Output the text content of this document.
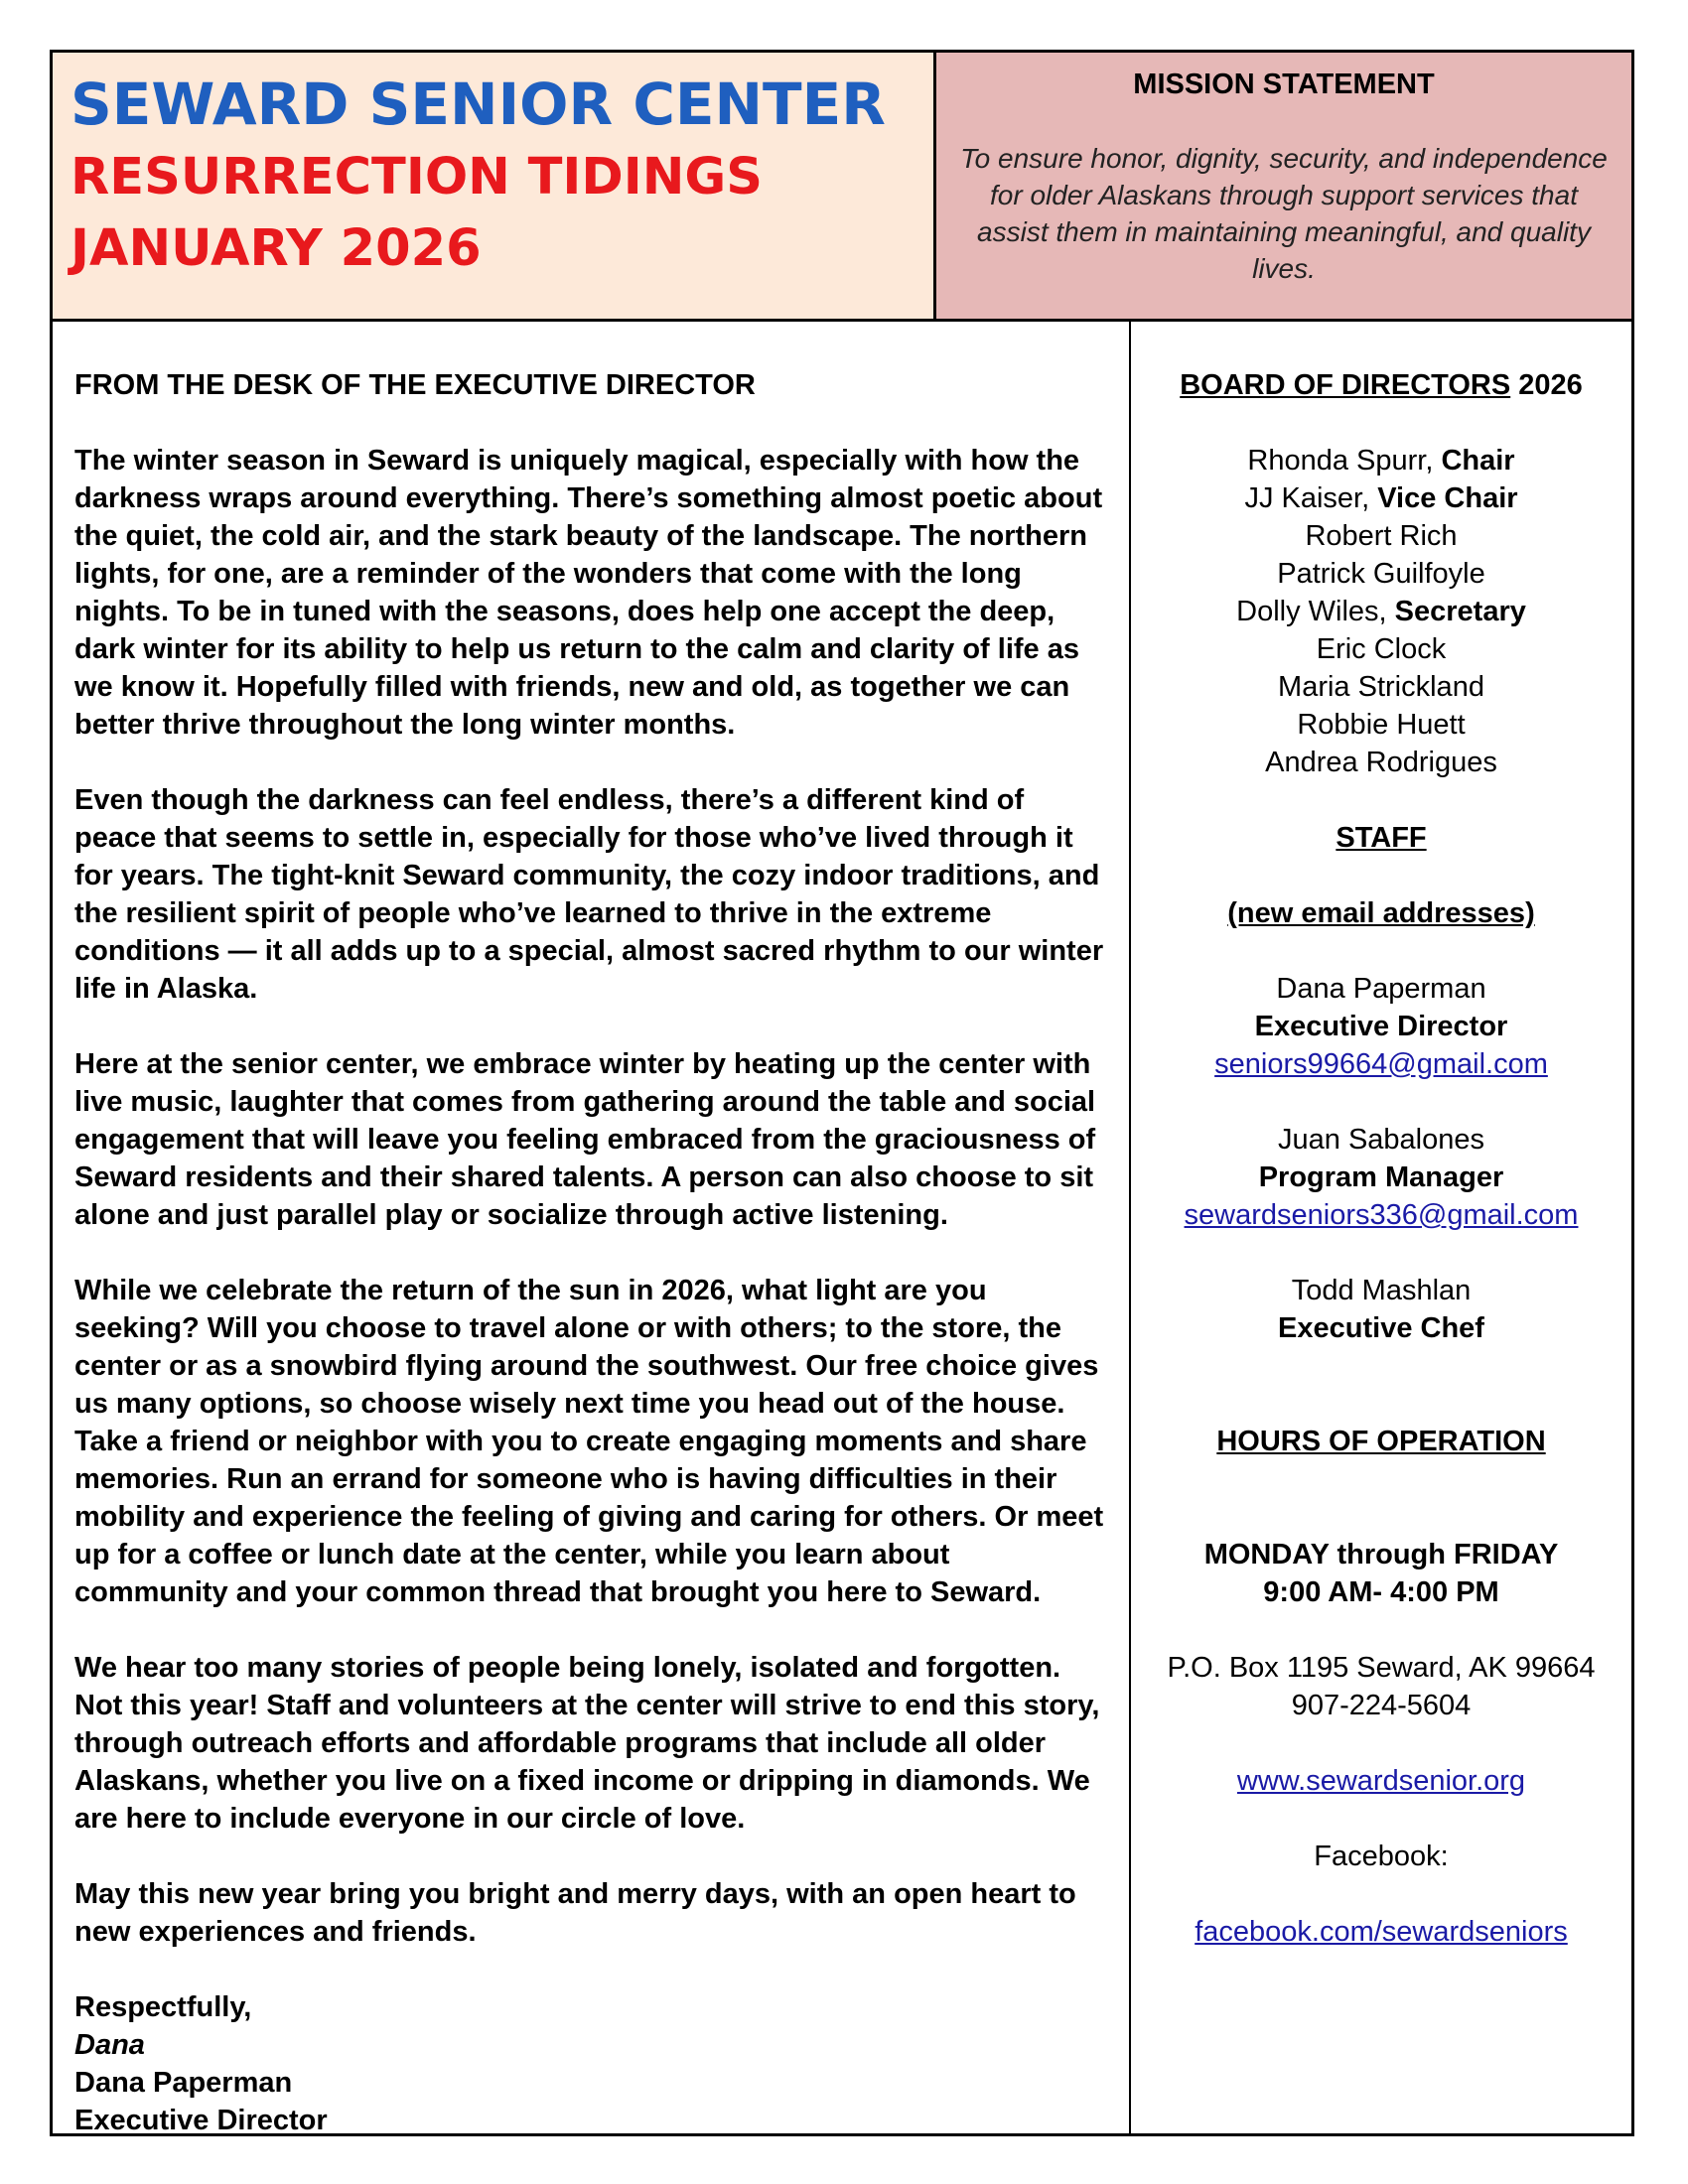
SEWARD SENIOR CENTER
RESURRECTION TIDINGS
JANUARY 2026
MISSION STATEMENT
To ensure honor, dignity, security, and independence for older Alaskans through support services that assist them in maintaining meaningful, and quality lives.
FROM THE DESK OF THE EXECUTIVE DIRECTOR

The winter season in Seward is uniquely magical, especially with how the darkness wraps around everything. There’s something almost poetic about the quiet, the cold air, and the stark beauty of the landscape. The northern lights, for one, are a reminder of the wonders that come with the long nights. To be in tuned with the seasons, does help one accept the deep, dark winter for its ability to help us return to the calm and clarity of life as we know it. Hopefully filled with friends, new and old, as together we can better thrive throughout the long winter months.

Even though the darkness can feel endless, there’s a different kind of peace that seems to settle in, especially for those who’ve lived through it for years. The tight-knit Seward community, the cozy indoor traditions, and the resilient spirit of people who’ve learned to thrive in the extreme conditions — it all adds up to a special, almost sacred rhythm to our winter life in Alaska.

Here at the senior center, we embrace winter by heating up the center with live music, laughter that comes from gathering around the table and social engagement that will leave you feeling embraced from the graciousness of Seward residents and their shared talents. A person can also choose to sit alone and just parallel play or socialize through active listening.

While we celebrate the return of the sun in 2026, what light are you seeking? Will you choose to travel alone or with others; to the store, the center or as a snowbird flying around the southwest. Our free choice gives us many options, so choose wisely next time you head out of the house. Take a friend or neighbor with you to create engaging moments and share memories. Run an errand for someone who is having difficulties in their mobility and experience the feeling of giving and caring for others. Or meet up for a coffee or lunch date at the center, while you learn about community and your common thread that brought you here to Seward.

We hear too many stories of people being lonely, isolated and forgotten. Not this year! Staff and volunteers at the center will strive to end this story, through outreach efforts and affordable programs that include all older Alaskans, whether you live on a fixed income or dripping in diamonds. We are here to include everyone in our circle of love.

May this new year bring you bright and merry days, with an open heart to new experiences and friends.

Respectfully,
Dana
Dana Paperman
Executive Director
BOARD OF DIRECTORS 2026
Rhonda Spurr, Chair
JJ Kaiser, Vice Chair
Robert Rich
Patrick Guilfoyle
Dolly Wiles, Secretary
Eric Clock
Maria Strickland
Robbie Huett
Andrea Rodrigues
STAFF
(new email addresses)
Dana Paperman
Executive Director
seniors99664@gmail.com
Juan Sabalones
Program Manager
sewardseniors336@gmail.com
Todd Mashlan
Executive Chef
HOURS OF OPERATION
MONDAY through FRIDAY
9:00 AM- 4:00 PM
P.O. Box 1195 Seward, AK 99664
907-224-5604
www.sewardsenior.org
Facebook:
facebook.com/sewardseniors
